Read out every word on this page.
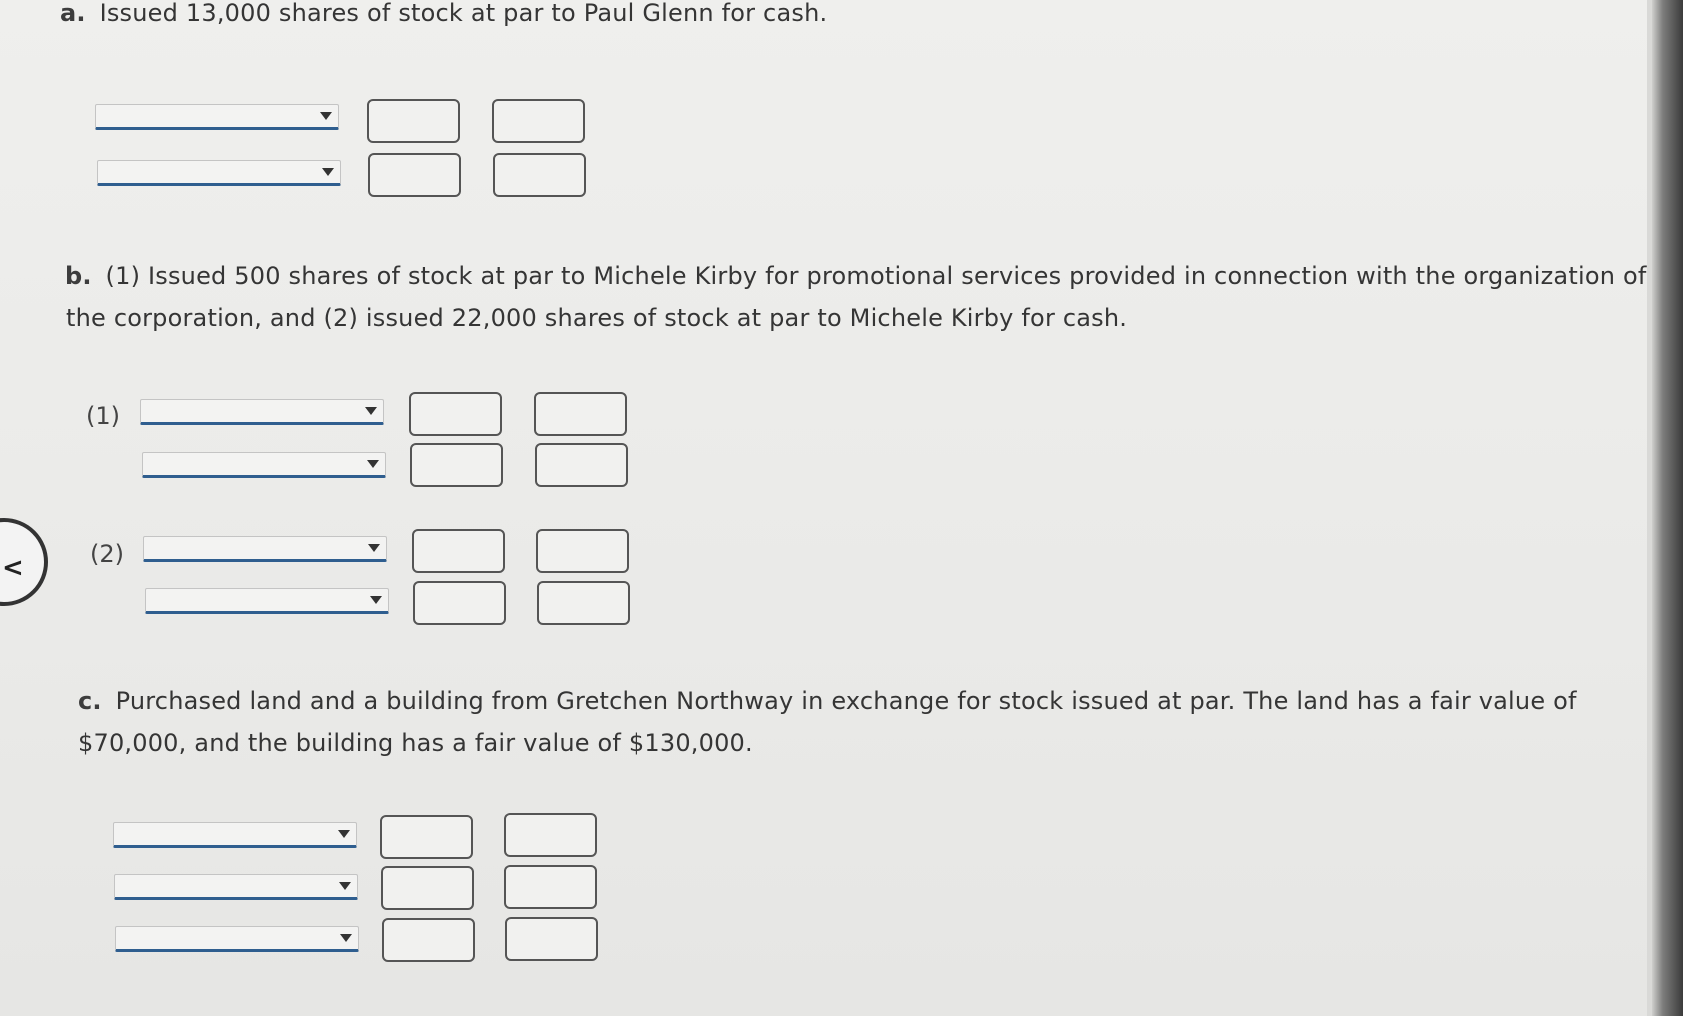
a. Issued 13,000 shares of stock at par to Paul Glenn for cash.
b. (1) Issued 500 shares of stock at par to Michele Kirby for promotional services provided in connection with the organization of
the corporation, and (2) issued 22,000 shares of stock at par to Michele Kirby for cash.
(1)
(2)
c. Purchased land and a building from Gretchen Northway in exchange for stock issued at par. The land has a fair value of
$70,000, and the building has a fair value of $130,000.
<
